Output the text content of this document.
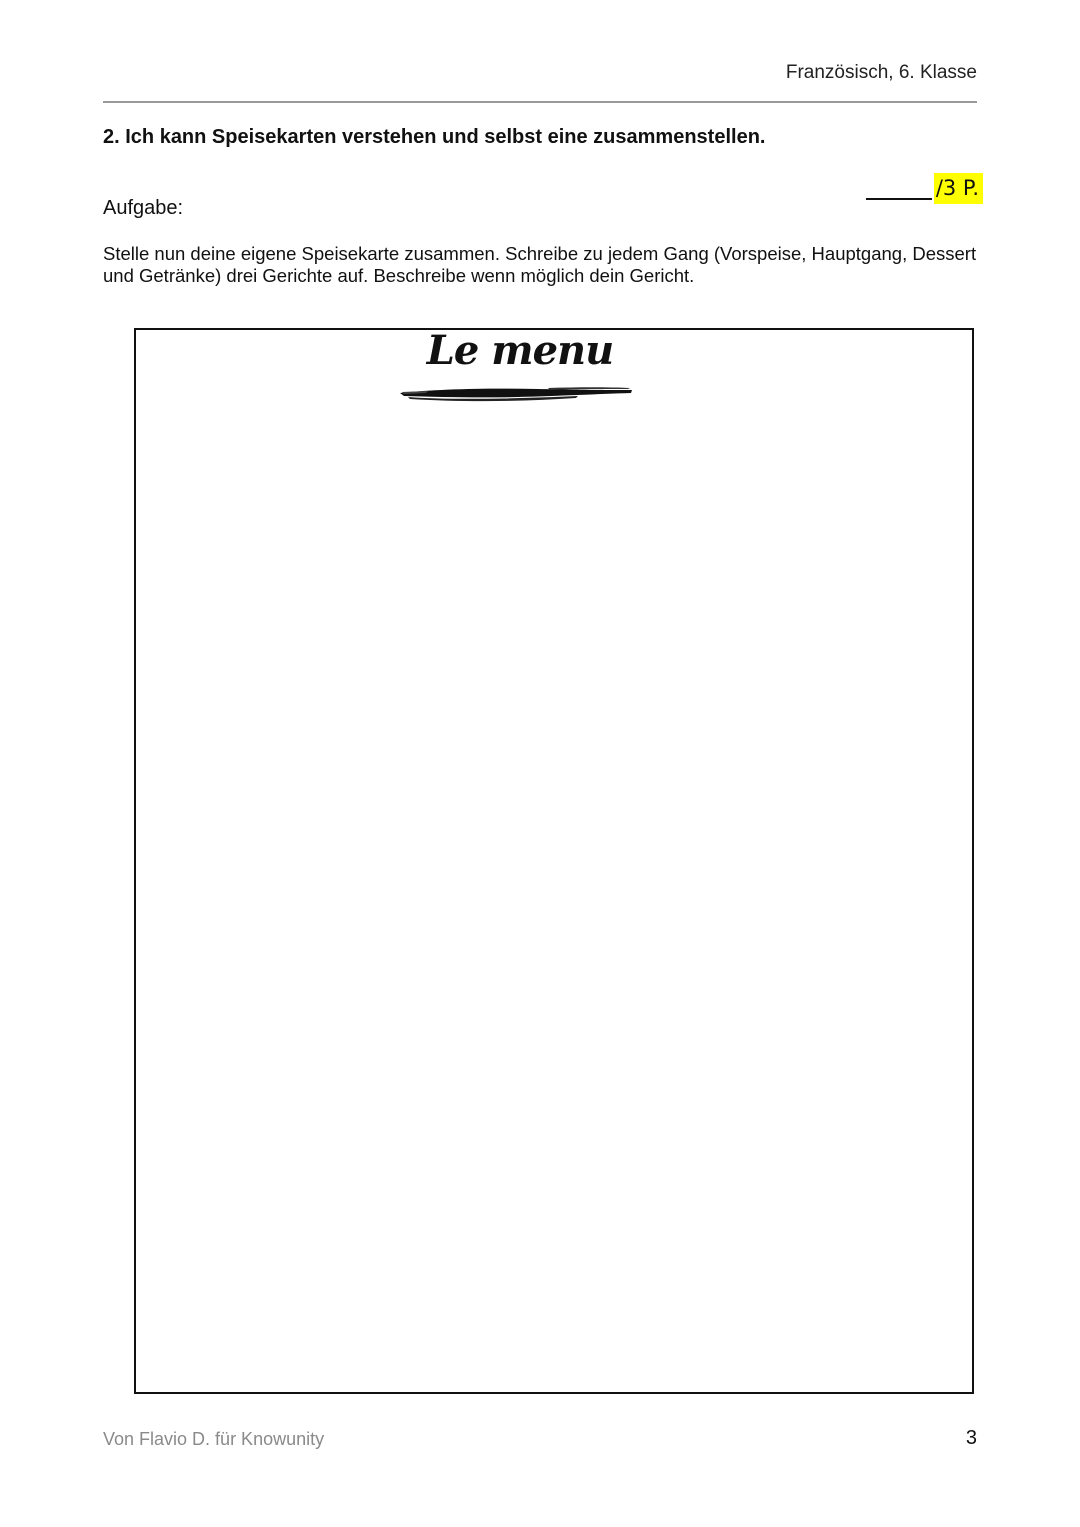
Französisch, 6. Klasse
2. Ich kann Speisekarten verstehen und selbst eine zusammenstellen.
/3 P.
Aufgabe:
Stelle nun deine eigene Speisekarte zusammen. Schreibe zu jedem Gang (Vorspeise, Hauptgang, Dessert und Getränke) drei Gerichte auf. Beschreibe wenn möglich dein Gericht.
Le menu
Von Flavio D. für Knowunity	3
